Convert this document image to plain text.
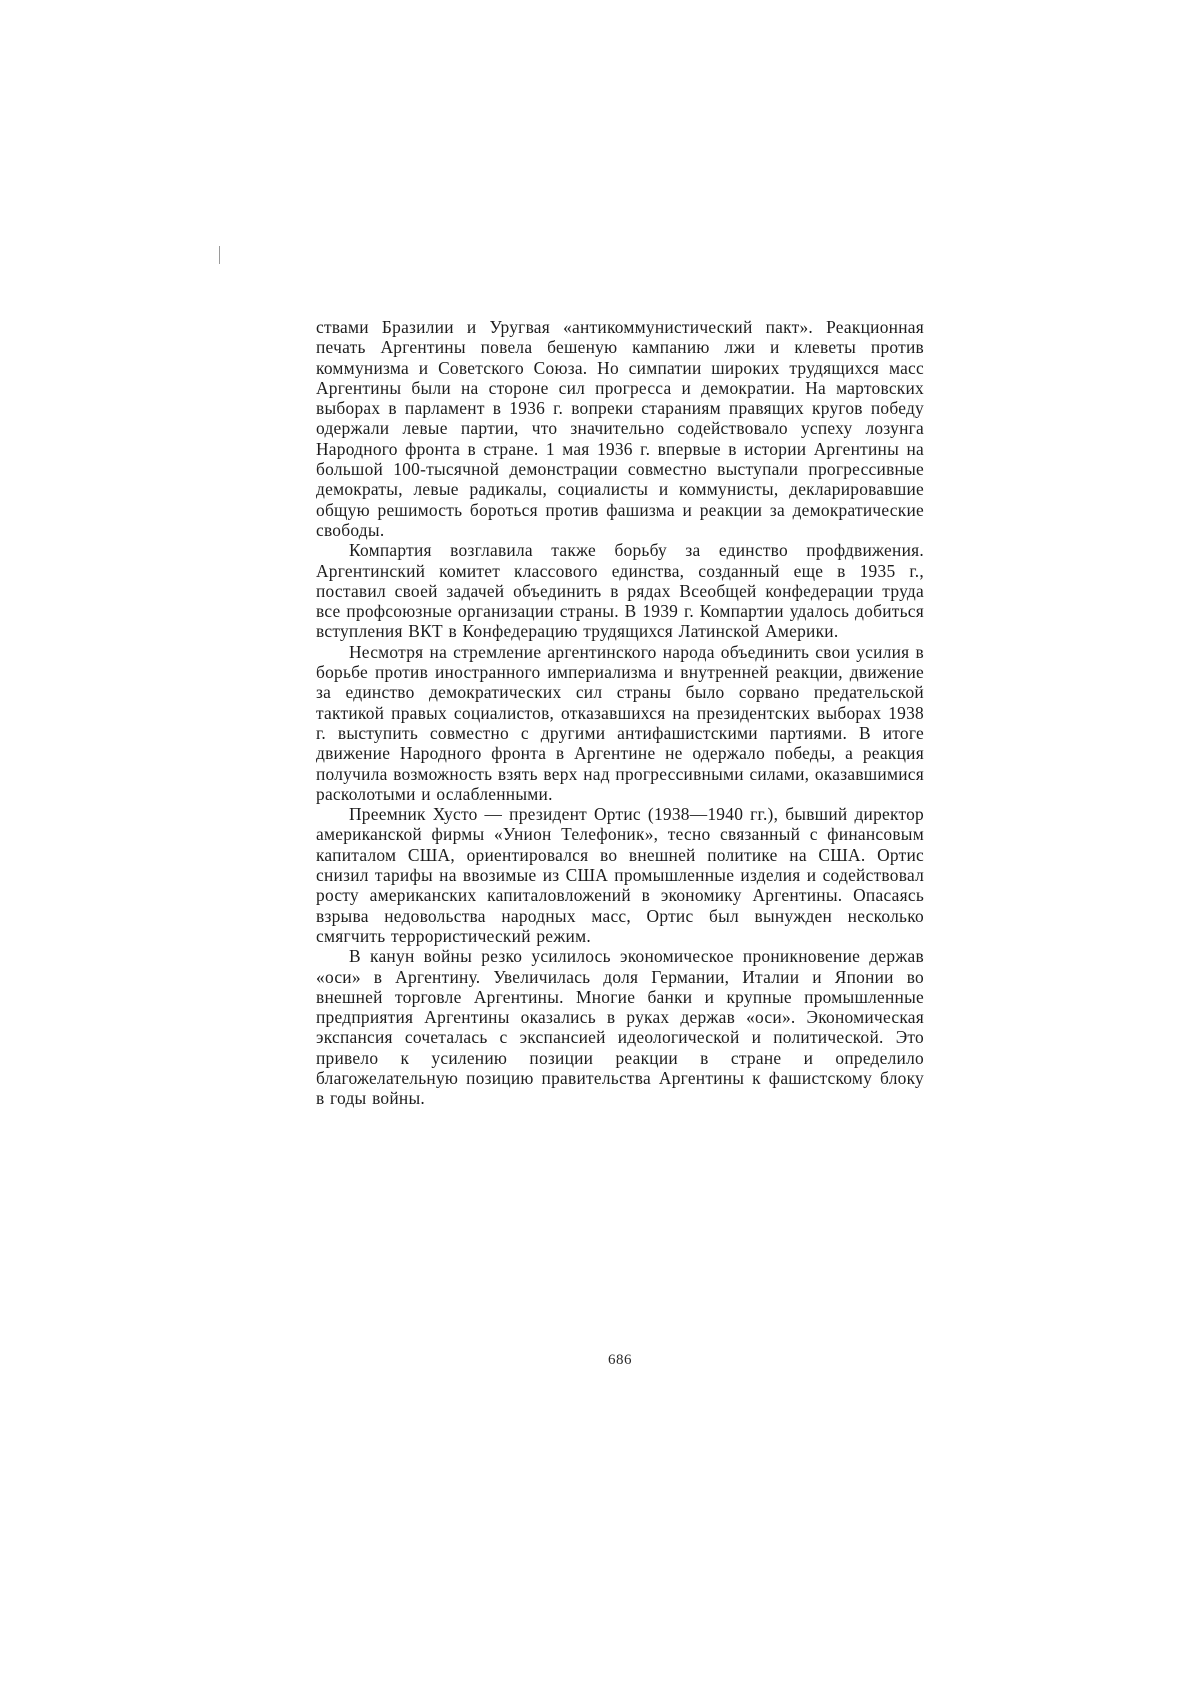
ствами Бразилии и Уругвая «антикоммунистический пакт». Реакционная печать Аргентины повела бешеную кампанию лжи и клеветы против коммунизма и Советского Союза. Но симпатии широких трудящихся масс Аргентины были на стороне сил прогресса и демократии. На мартовских выборах в парламент в 1936 г. вопреки стараниям правящих кругов победу одержали левые партии, что значительно содействовало успеху лозунга Народного фронта в стране. 1 мая 1936 г. впервые в истории Аргентины на большой 100-тысячной демонстрации совместно выступали прогрессивные демократы, левые радикалы, социалисты и коммунисты, декларировавшие общую решимость бороться против фашизма и реакции за демократические свободы.

Компартия возглавила также борьбу за единство профдвижения. Аргентинский комитет классового единства, созданный еще в 1935 г., поставил своей задачей объединить в рядах Всеобщей конфедерации труда все профсоюзные организации страны. В 1939 г. Компартии удалось добиться вступления ВКТ в Конфедерацию трудящихся Латинской Америки.

Несмотря на стремление аргентинского народа объединить свои усилия в борьбе против иностранного империализма и внутренней реакции, движение за единство демократических сил страны было сорвано предательской тактикой правых социалистов, отказавшихся на президентских выборах 1938 г. выступить совместно с другими антифашистскими партиями. В итоге движение Народного фронта в Аргентине не одержало победы, а реакция получила возможность взять верх над прогрессивными силами, оказавшимися расколотыми и ослабленными.

Преемник Хусто — президент Ортис (1938—1940 гг.), бывший директор американской фирмы «Унион Телефоник», тесно связанный с финансовым капиталом США, ориентировался во внешней политике на США. Ортис снизил тарифы на ввозимые из США промышленные изделия и содействовал росту американских капиталовложений в экономику Аргентины. Опасаясь взрыва недовольства народных масс, Ортис был вынужден несколько смягчить террористический режим.

В канун войны резко усилилось экономическое проникновение держав «оси» в Аргентину. Увеличилась доля Германии, Италии и Японии во внешней торговле Аргентины. Многие банки и крупные промышленные предприятия Аргентины оказались в руках держав «оси». Экономическая экспансия сочеталась с экспансией идеологической и политической. Это привело к усилению позиции реакции в стране и определило благожелательную позицию правительства Аргентины к фашистскому блоку в годы войны.

686
